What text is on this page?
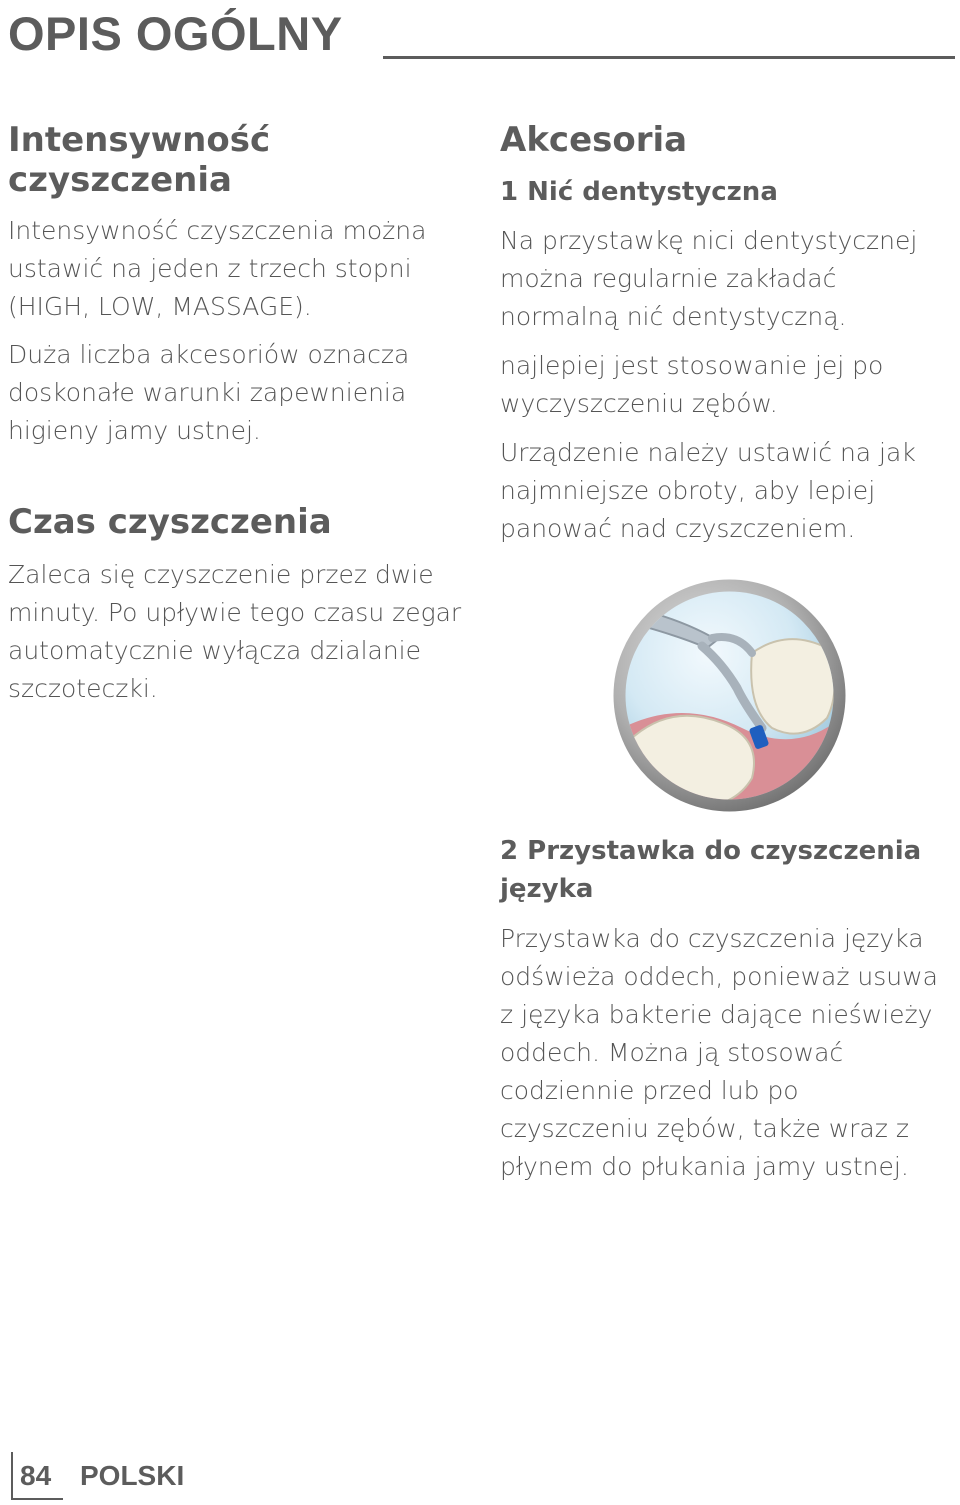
OPIS OGÓLNY
Intensywność czyszczenia

Intensywność czyszczenia można ustawić na jeden z trzech stopni (HIGH, LOW, MASSAGE).

Duża liczba akcesoriów oznacza doskonałe warunki zapewnienia higieny jamy ustnej.

Czas czyszczenia

Zaleca się czyszczenie przez dwie minuty. Po upływie tego czasu zegar automatycznie wyłącza dzialanie szczoteczki.

Akcesoria
1 Nić dentystyczna

Na przystawkę nici dentystycznej można regularnie zakładać normalną nić dentystyczną.

najlepiej jest stosowanie jej po wyczyszczeniu zębów.

Urządzenie należy ustawić na jak najmniejsze obroty, aby lepiej panować nad czyszczeniem.

2 Przystawka do czyszczenia języka

Przystawka do czyszczenia języka odświeża oddech, ponieważ usuwa z języka bakterie dające nieświeży oddech. Można ją stosować codziennie przed lub po czyszczeniu zębów, także wraz z płynem do płukania jamy ustnej.

84 POLSKI
